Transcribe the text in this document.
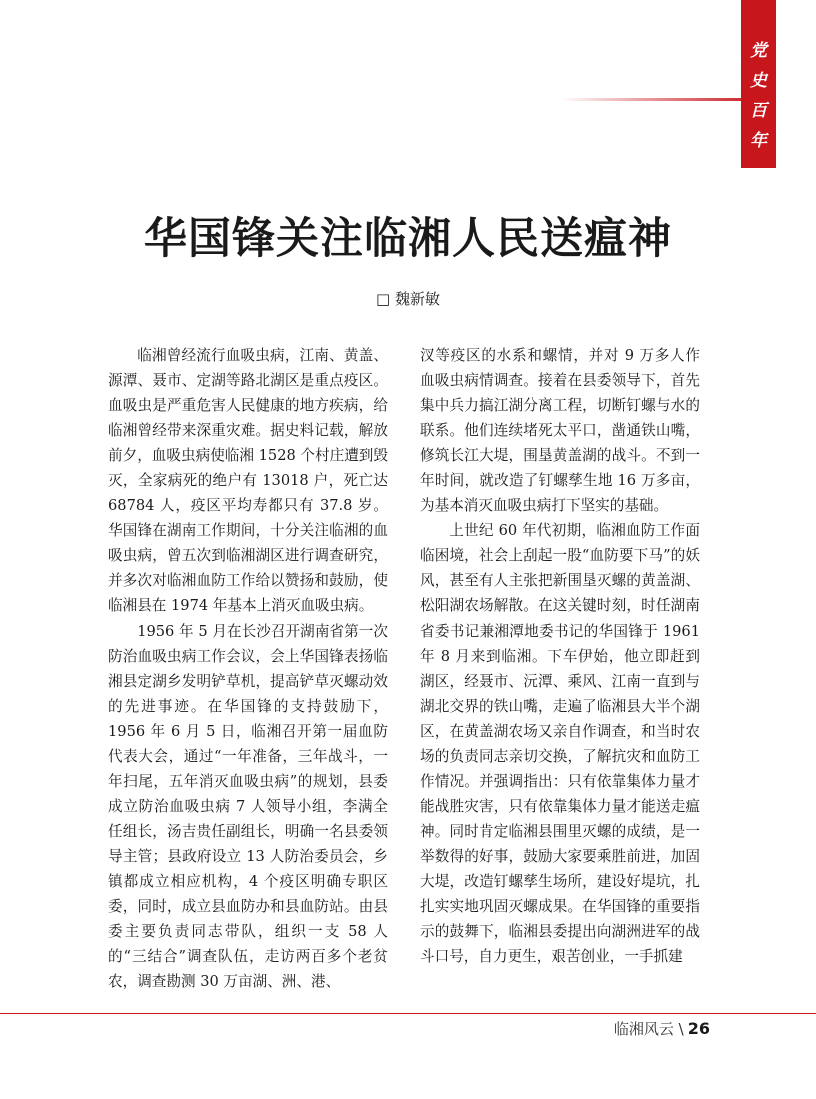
党
史
百
年
华国锋关注临湘人民送瘟神
□ 魏新敏

临湘曾经流行血吸虫病，江南、黄盖、源潭、聂市、定湖等路北湖区是重点疫区。血吸虫是严重危害人民健康的地方疾病，给临湘曾经带来深重灾难。据史料记载，解放前夕，血吸虫病使临湘 1528 个村庄遭到毁灭，全家病死的绝户有 13018 户，死亡达 68784 人，疫区平均寿都只有 37.8 岁。华国锋在湖南工作期间，十分关注临湘的血吸虫病，曾五次到临湘湖区进行调查研究，并多次对临湘血防工作给以赞扬和鼓励，使临湘县在 1974 年基本上消灭血吸虫病。

1956 年 5 月在长沙召开湖南省第一次防治血吸虫病工作会议，会上华国锋表扬临湘县定湖乡发明铲草机，提高铲草灭螺动效的先进事迹。在华国锋的支持鼓励下，1956 年 6 月 5 日，临湘召开第一届血防代表大会，通过“一年准备，三年战斗，一年扫尾，五年消灭血吸虫病”的规划，县委成立防治血吸虫病 7 人领导小组，李满全任组长，汤吉贵任副组长，明确一名县委领导主管；县政府设立 13 人防治委员会，乡镇都成立相应机构，4 个疫区明确专职区委，同时，成立县血防办和县血防站。由县委主要负责同志带队，组织一支 58 人的“三结合”调查队伍，走访两百多个老贫农，调查勘测 30 万亩湖、洲、港、

汊等疫区的水系和螺情，并对 9 万多人作血吸虫病情调查。接着在县委领导下，首先集中兵力搞江湖分离工程，切断钉螺与水的联系。他们连续堵死太平口，凿通铁山嘴，修筑长江大堤，围垦黄盖湖的战斗。不到一年时间，就改造了钉螺孳生地 16 万多亩，为基本消灭血吸虫病打下坚实的基础。

上世纪 60 年代初期，临湘血防工作面临困境，社会上刮起一股“血防要下马”的妖风，甚至有人主张把新围垦灭螺的黄盖湖、松阳湖农场解散。在这关键时刻，时任湖南省委书记兼湘潭地委书记的华国锋于 1961 年 8 月来到临湘。下车伊始，他立即赶到湖区，经聂市、沅潭、乘风、江南一直到与湖北交界的铁山嘴，走遍了临湘县大半个湖区，在黄盖湖农场又亲自作调查，和当时农场的负责同志亲切交换，了解抗灾和血防工作情况。并强调指出：只有依靠集体力量才能战胜灾害，只有依靠集体力量才能送走瘟神。同时肯定临湘县围里灭螺的成绩，是一举数得的好事，鼓励大家要乘胜前进，加固大堤，改造钉螺孳生场所，建设好堤坑，扎扎实实地巩固灭螺成果。在华国锋的重要指示的鼓舞下，临湘县委提出向湖洲进军的战斗口号，自力更生，艰苦创业，一手抓建

临湘风云 \ 26
